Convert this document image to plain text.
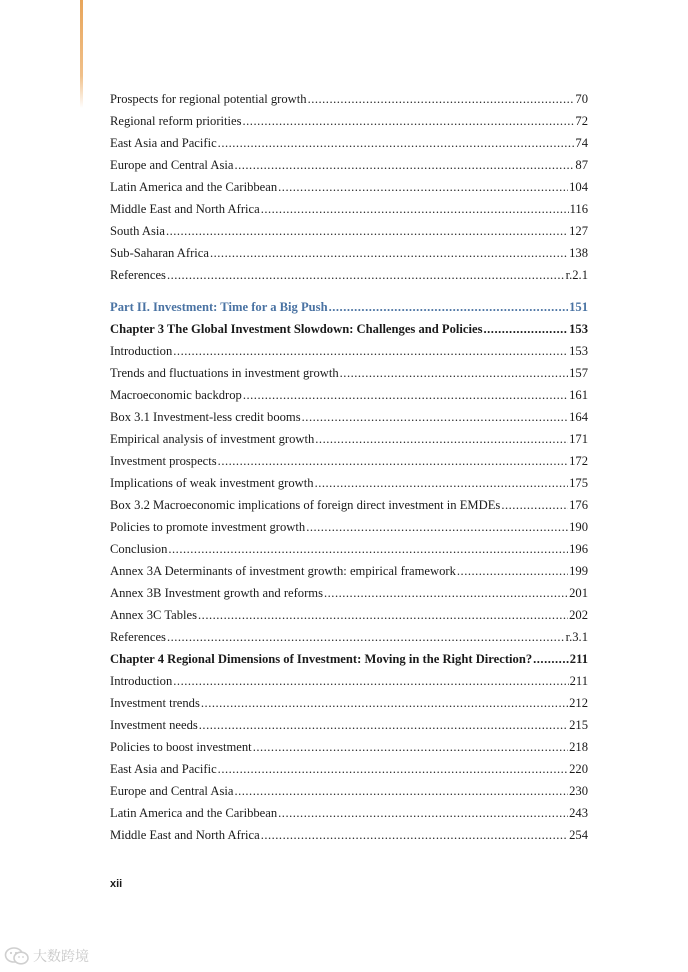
Prospects for regional potential growth .....	70
Regional reform priorities .....	72
East Asia and Pacific .....	74
Europe and Central Asia .....	87
Latin America and the Caribbean .....	104
Middle East and North Africa .....	116
South Asia .....	127
Sub-Saharan Africa .....	138
References .....	r.2.1
Part II. Investment: Time for a Big Push .....	151
Chapter 3 The Global Investment Slowdown: Challenges and Policies .....	153
Introduction .....	153
Trends and fluctuations in investment growth .....	157
Macroeconomic backdrop .....	161
Box 3.1 Investment-less credit booms .....	164
Empirical analysis of investment growth .....	171
Investment prospects .....	172
Implications of weak investment growth .....	175
Box 3.2 Macroeconomic implications of foreign direct investment in EMDEs .....	176
Policies to promote investment growth .....	190
Conclusion .....	196
Annex 3A Determinants of investment growth: empirical framework .....	199
Annex 3B Investment growth and reforms .....	201
Annex 3C Tables .....	202
References .....	r.3.1
Chapter 4 Regional Dimensions of Investment: Moving in the Right Direction? .....	211
Introduction .....	211
Investment trends .....	212
Investment needs .....	215
Policies to boost investment .....	218
East Asia and Pacific .....	220
Europe and Central Asia .....	230
Latin America and the Caribbean .....	243
Middle East and North Africa .....	254
xii
大数跨境
